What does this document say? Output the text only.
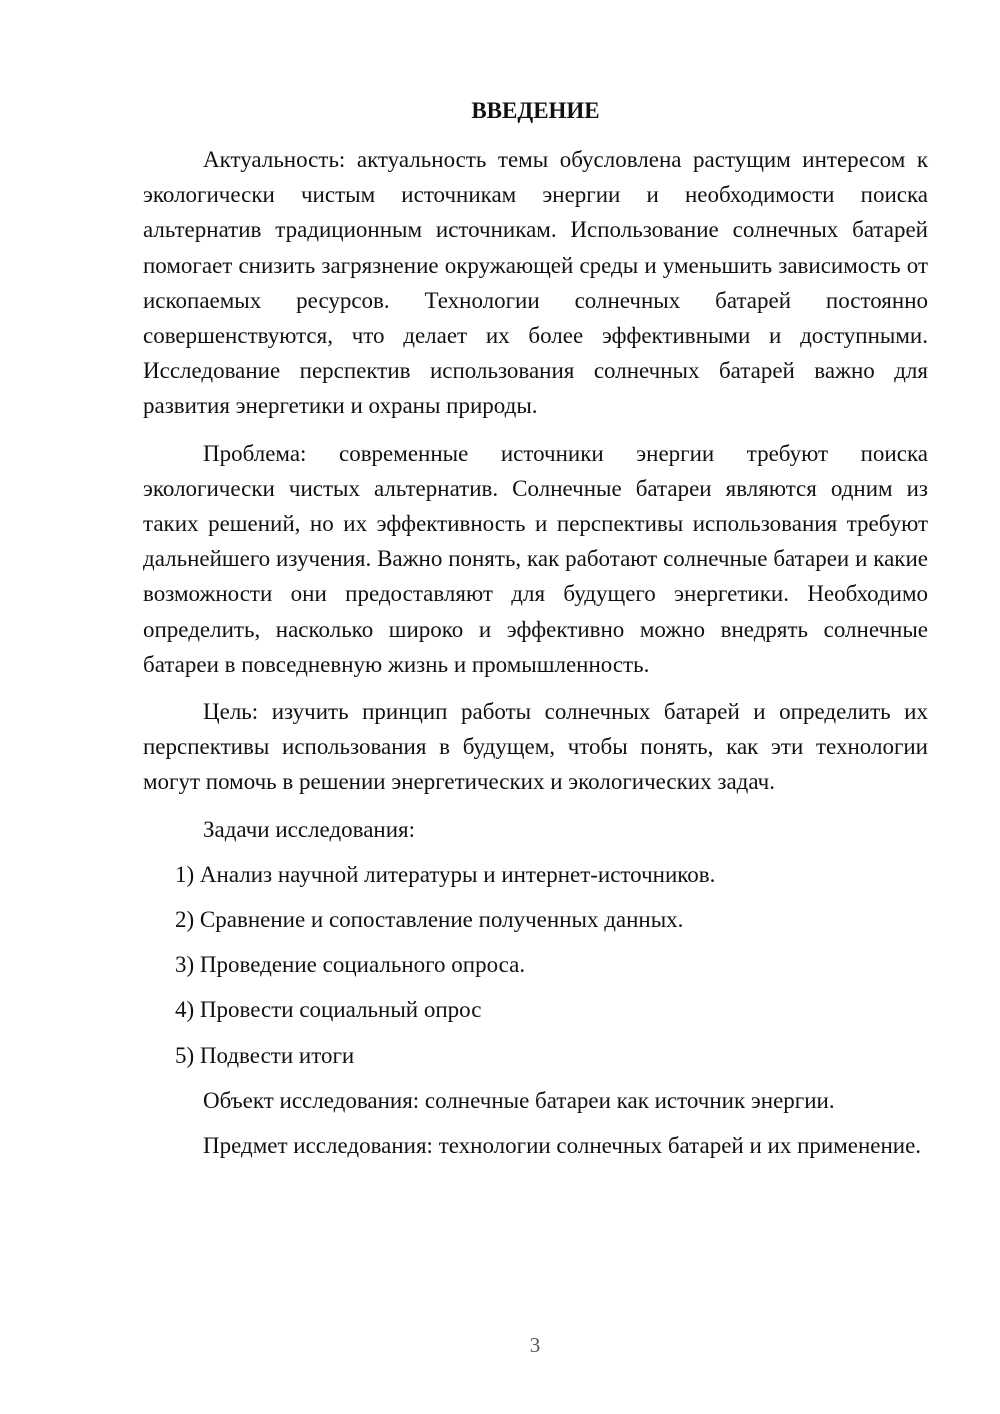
ВВЕДЕНИЕ

Актуальность: актуальность темы обусловлена растущим интересом к экологически чистым источникам энергии и необходимости поиска альтернатив традиционным источникам. Использование солнечных батарей помогает снизить загрязнение окружающей среды и уменьшить зависимость от ископаемых ресурсов. Технологии солнечных батарей постоянно совершенствуются, что делает их более эффективными и доступными. Исследование перспектив использования солнечных батарей важно для развития энергетики и охраны природы.

Проблема: современные источники энергии требуют поиска экологически чистых альтернатив. Солнечные батареи являются одним из таких решений, но их эффективность и перспективы использования требуют дальнейшего изучения. Важно понять, как работают солнечные батареи и какие возможности они предоставляют для будущего энергетики. Необходимо определить, насколько широко и эффективно можно внедрять солнечные батареи в повседневную жизнь и промышленность.

Цель: изучить принцип работы солнечных батарей и определить их перспективы использования в будущем, чтобы понять, как эти технологии могут помочь в решении энергетических и экологических задач.

Задачи исследования:

1) Анализ научной литературы и интернет-источников.

2) Сравнение и сопоставление полученных данных.

3) Проведение социального опроса.

4) Провести социальный опрос

5) Подвести итоги

Объект исследования: солнечные батареи как источник энергии.

Предмет исследования: технологии солнечных батарей и их применение.

3
